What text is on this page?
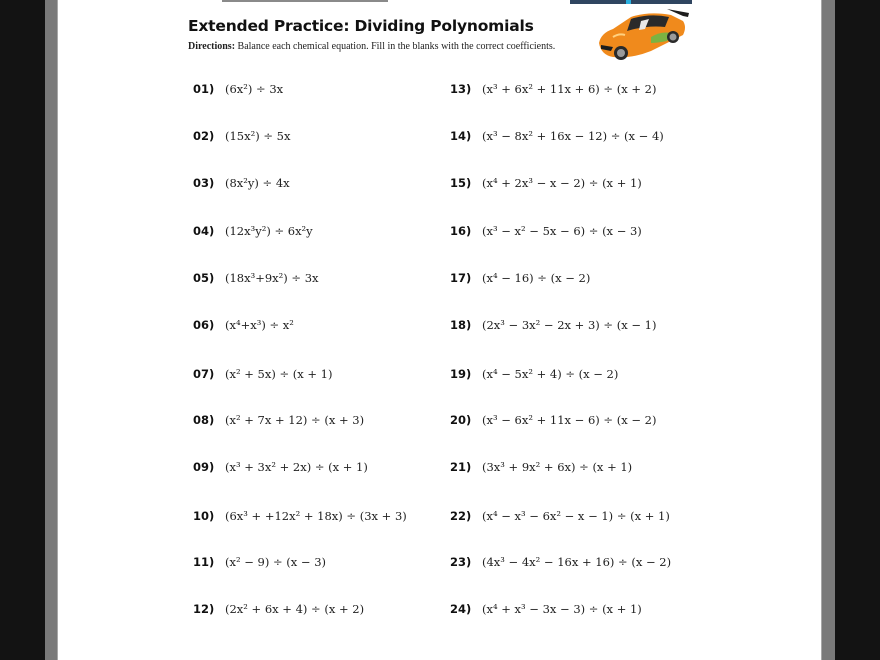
Extended Practice: Dividing Polynomials
Directions: Balance each chemical equation. Fill in the blanks with the correct coefficients.
01) (6x²) ÷ 3x
02) (15x²) ÷ 5x
03) (8x²y) ÷ 4x
04) (12x³y²) ÷ 6x²y
05) (18x³+9x²) ÷ 3x
06) (x⁴+x³) ÷ x²
07) (x² + 5x) ÷ (x + 1)
08) (x² + 7x + 12) ÷ (x + 3)
09) (x³ + 3x² + 2x) ÷ (x + 1)
10) (6x³ + +12x² + 18x) ÷ (3x + 3)
11) (x² − 9) ÷ (x − 3)
12) (2x² + 6x + 4) ÷ (x + 2)
13) (x³ + 6x² + 11x + 6) ÷ (x + 2)
14) (x³ − 8x² + 16x − 12) ÷ (x − 4)
15) (x⁴ + 2x³ − x − 2) ÷ (x + 1)
16) (x³ − x² − 5x − 6) ÷ (x − 3)
17) (x⁴ − 16) ÷ (x − 2)
18) (2x³ − 3x² − 2x + 3) ÷ (x − 1)
19) (x⁴ − 5x² + 4) ÷ (x − 2)
20) (x³ − 6x² + 11x − 6) ÷ (x − 2)
21) (3x³ + 9x² + 6x) ÷ (x + 1)
22) (x⁴ − x³ − 6x² − x − 1) ÷ (x + 1)
23) (4x³ − 4x² − 16x + 16) ÷ (x − 2)
24) (x⁴ + x³ − 3x − 3) ÷ (x + 1)
